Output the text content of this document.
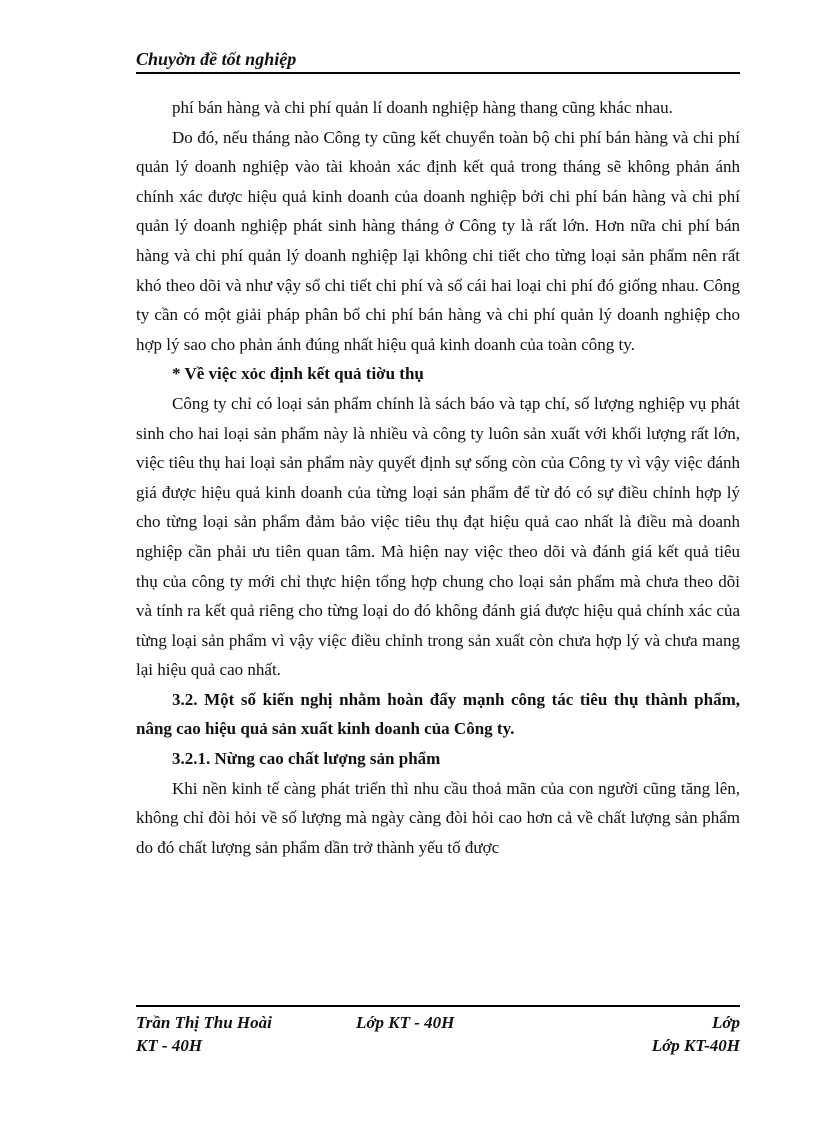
Chuyờn đề tốt nghiệp

phí bán hàng và chi phí quản lí doanh nghiệp hàng thang cũng khác nhau.

Do đó, nếu tháng nào Công ty cũng kết chuyển toàn bộ chi phí bán hàng và chi phí quản lý doanh nghiệp vào tài khoản xác định kết quả trong tháng sẽ không phản ánh chính xác được hiệu quả kinh doanh của doanh nghiệp bởi chi phí bán hàng và chi phí quản lý doanh nghiệp phát sinh hàng tháng ở Công ty là rất lớn. Hơn nữa chi phí bán hàng và chi phí quản lý doanh nghiệp lại không chi tiết cho từng loại sản phẩm nên rất khó theo dõi và như vậy sổ chi tiết chi phí và sổ cái hai loại chi phí đó giống nhau. Công ty cần có một giải pháp phân bổ chi phí bán hàng và chi phí quản lý doanh nghiệp cho hợp lý sao cho phản ánh đúng nhất hiệu quả kinh doanh của toàn công ty.

* Về việc xỏc định kết quả tiờu thụ

Công ty chỉ có loại sản phẩm chính là sách báo và tạp chí, số lượng nghiệp vụ phát sinh cho hai loại sản phẩm này là nhiều và công ty luôn sản xuất với khối lượng rất lớn, việc tiêu thụ hai loại sản phẩm này quyết định sự sống còn của Công ty vì vậy việc đánh giá được hiệu quả kinh doanh của từng loại sản phẩm để từ đó có sự điều chỉnh hợp lý cho từng loại sản phẩm đảm bảo việc tiêu thụ đạt hiệu quả cao nhất là điều mà doanh nghiệp cần phải ưu tiên quan tâm. Mà hiện nay việc theo dõi và đánh giá kết quả tiêu thụ của công ty mới chỉ thực hiện tổng hợp chung cho loại sản phẩm mà chưa theo dõi và tính ra kết quả riêng cho từng loại do đó không đánh giá được hiệu quả chính xác của từng loại sản phẩm vì vậy việc điều chỉnh trong sản xuất còn chưa hợp lý và chưa mang lại hiệu quả cao nhất.

3.2. Một số kiến nghị nhằm hoàn đẩy mạnh công tác tiêu thụ thành phẩm, nâng cao hiệu quả sản xuất kinh doanh của Công ty.

3.2.1. Nừng cao chất lượng sản phẩm

Khi nền kinh tế càng phát triển thì nhu cầu thoả mãn của con người cũng tăng lên, không chỉ đòi hỏi về số lượng mà ngày càng đòi hỏi cao hơn cả về chất lượng sản phẩm do đó chất lượng sản phẩm dần trở thành yếu tố được

Trần Thị Thu Hoài	Lớp KT - 40H	Lớp
KT - 40H	Lớp KT-40H
